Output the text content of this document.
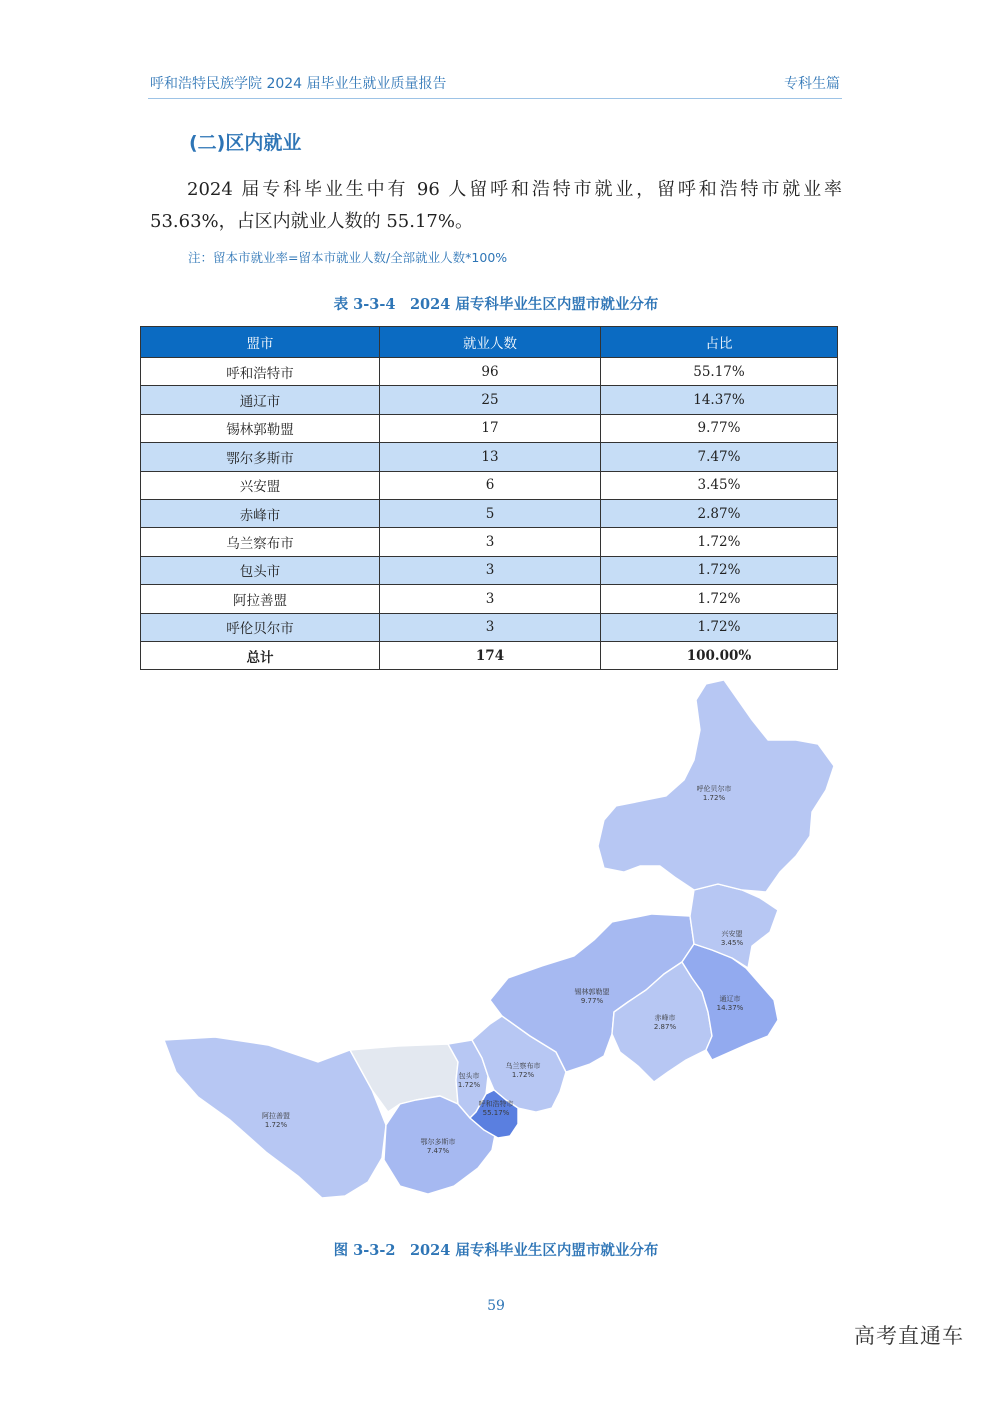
呼和浩特民族学院 2024 届毕业生就业质量报告	专科生篇
(二)区内就业
2024 届专科毕业生中有 96 人留呼和浩特市就业，留呼和浩特市就业率 53.63%，占区内就业人数的 55.17%。
注：留本市就业率=留本市就业人数/全部就业人数*100%
表 3-3-4　2024 届专科毕业生区内盟市就业分布
盟市	就业人数	占比
呼和浩特市	96	55.17%
通辽市	25	14.37%
锡林郭勒盟	17	9.77%
鄂尔多斯市	13	7.47%
兴安盟	6	3.45%
赤峰市	5	2.87%
乌兰察布市	3	1.72%
包头市	3	1.72%
阿拉善盟	3	1.72%
呼伦贝尔市	3	1.72%
总计	174	100.00%
呼伦贝尔市
1.72%
兴安盟
3.45%
锡林郭勒盟
9.77%	通辽市
14.37%
赤峰市
2.87%
乌兰察布市
1.72%
包头市
1.72%
呼和浩特市
55.17%
鄂尔多斯市
7.47%
阿拉善盟
1.72%
图 3-3-2　2024 届专科毕业生区内盟市就业分布
59
高考直通车
